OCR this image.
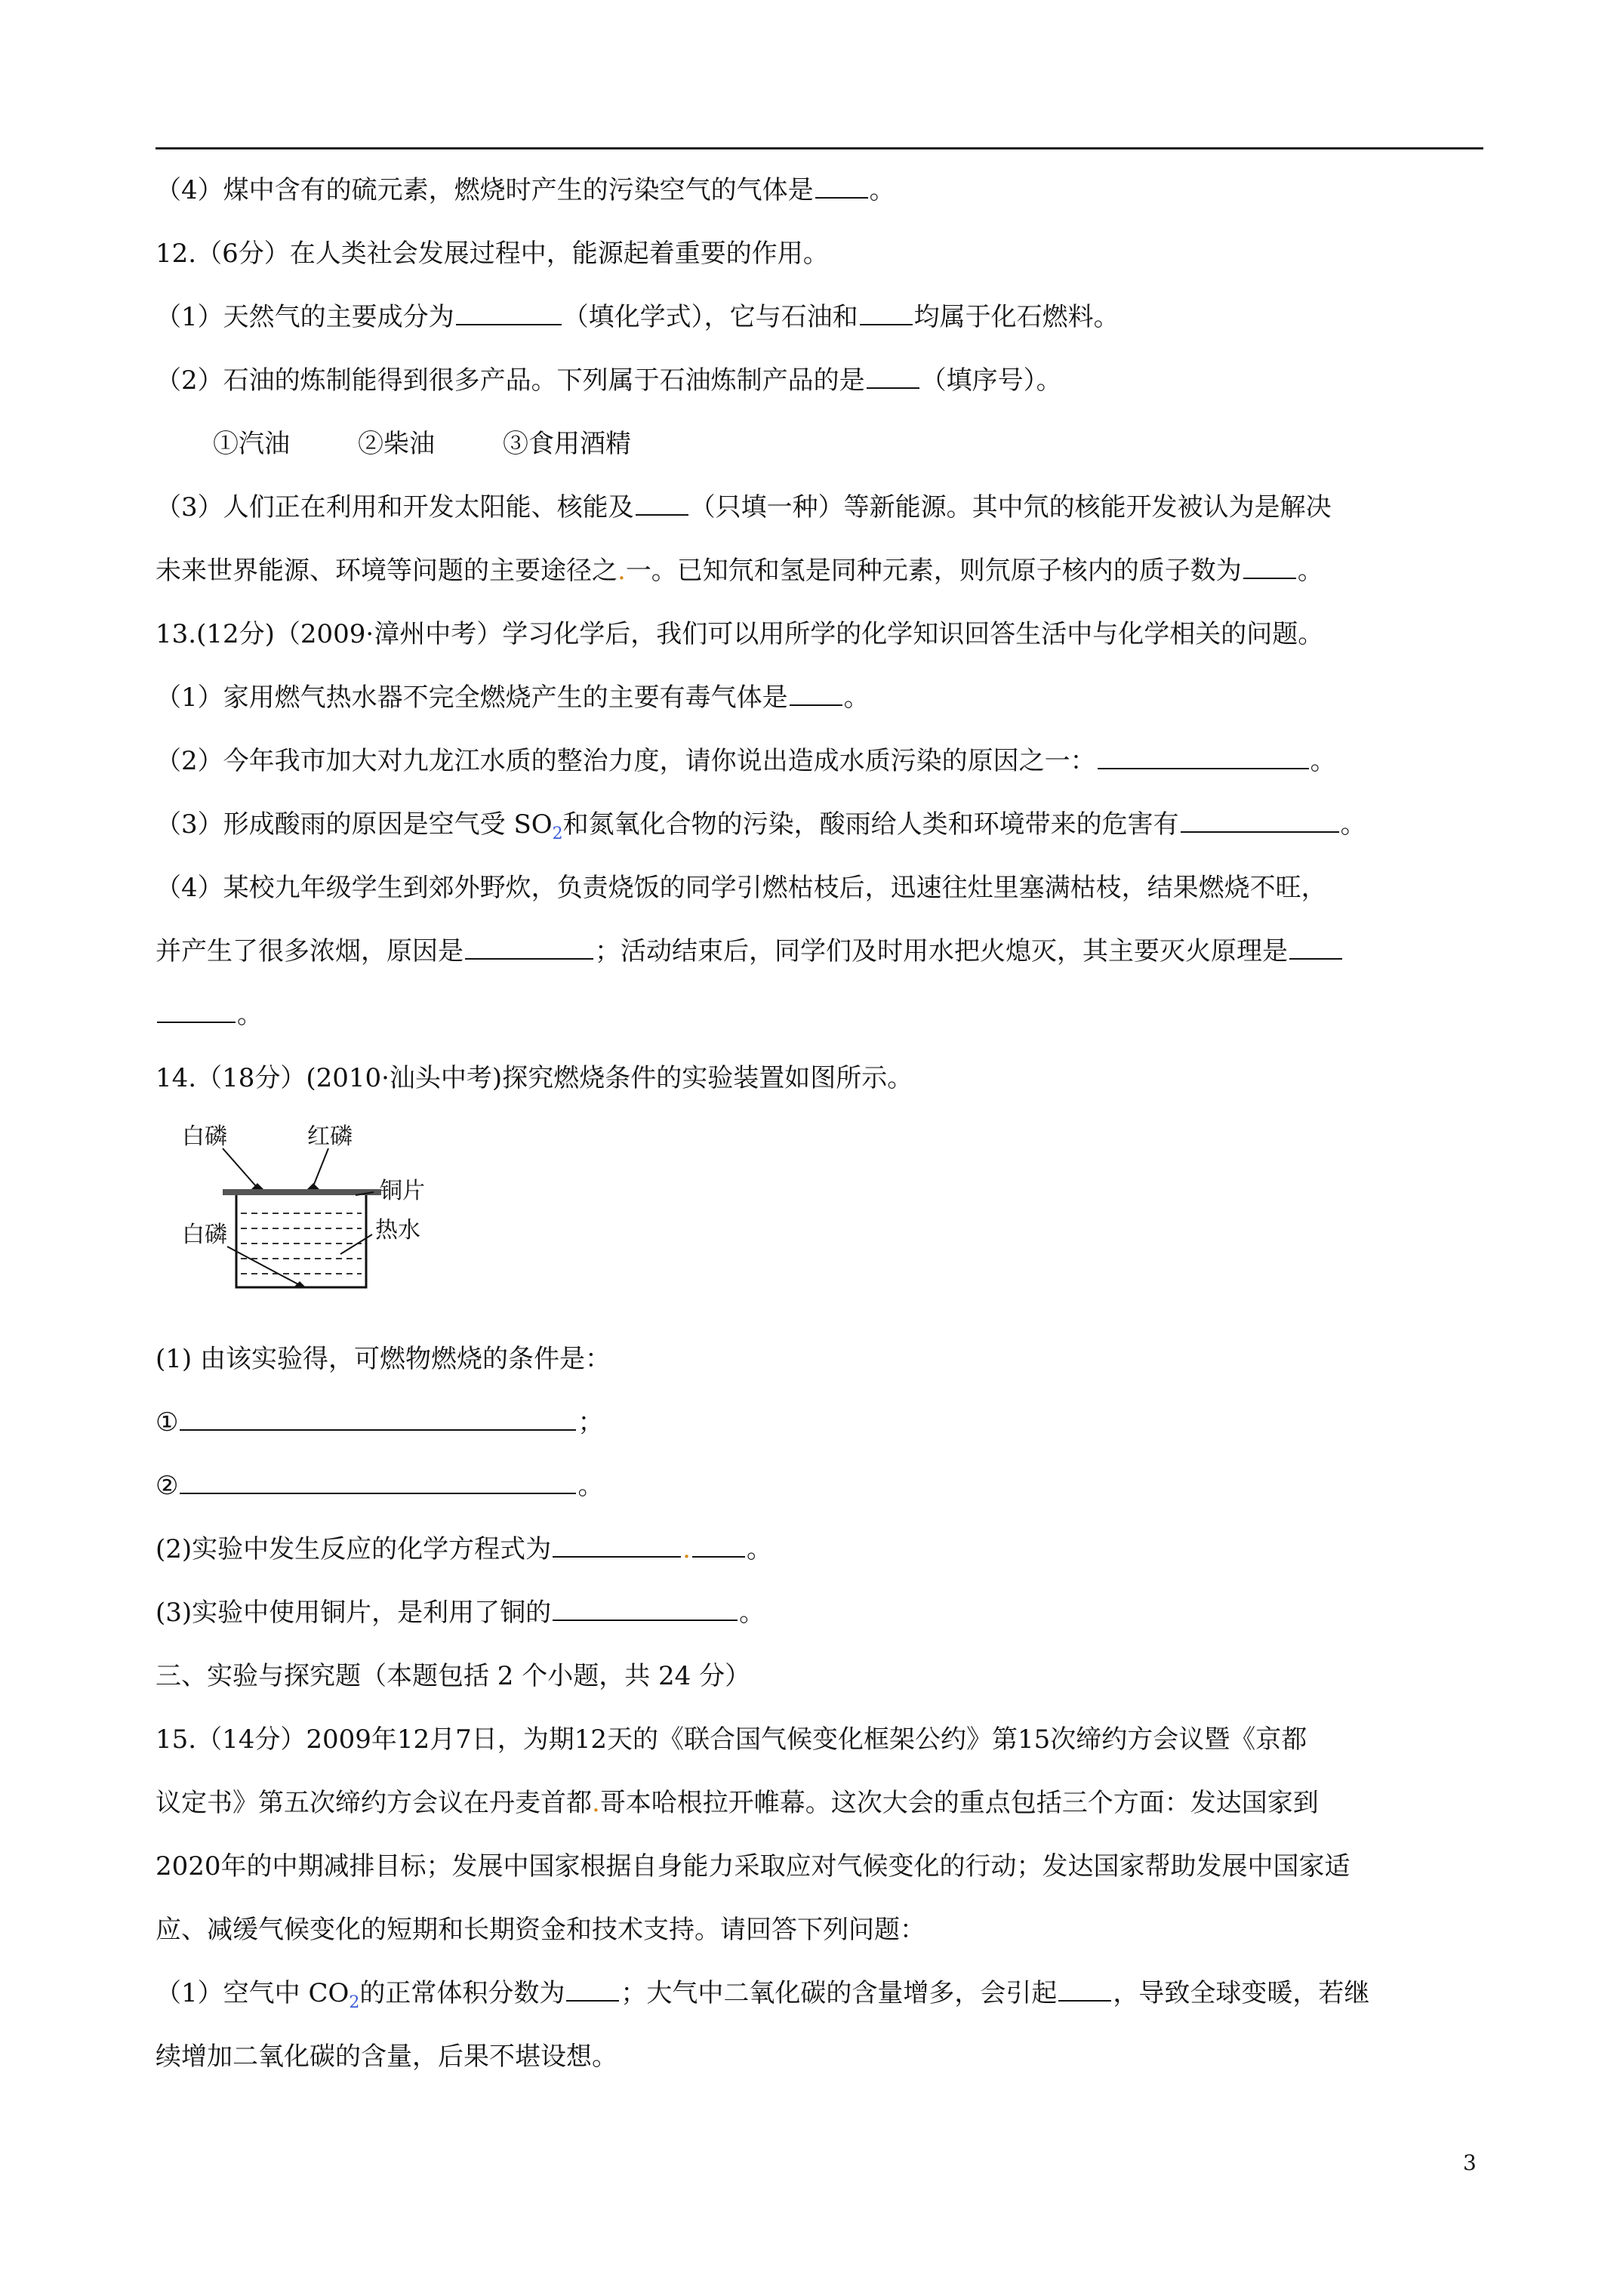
（4）煤中含有的硫元素，燃烧时产生的污染空气的气体是 。
12.（6分）在人类社会发展过程中，能源起着重要的作用。
（1）天然气的主要成分为	（填化学式），它与石油和 均属于化石燃料。
（2）石油的炼制能得到很多产品。下列属于石油炼制产品的是 （填序号）。
①汽油	②柴油	③食用酒精
（3）人们正在利用和开发太阳能、核能及 （只填一种）等新能源。其中氘的核能开发被认为是解决
未来世界能源、环境等问题的主要途径之.一。已知氘和氢是同种元素，则氘原子核内的质子数为 。
13.(12分)（2009·漳州中考）学习化学后，我们可以用所学的化学知识回答生活中与化学相关的问题。
（1）家用燃气热水器不完全燃烧产生的主要有毒气体是 。
（2）今年我市加大对九龙江水质的整治力度，请你说出造成水质污染的原因之一：	。
（3）形成酸雨的原因是空气受 $SO_2$和氮氧化合物的污染，酸雨给人类和环境带来的危害有	。
（4）某校九年级学生到郊外野炊，负责烧饭的同学引燃枯枝后，迅速往灶里塞满枯枝，结果燃烧不旺，
并产生了很多浓烟，原因是	；活动结束后，同学们及时用水把火熄灭，其主要灭火原理是
。
14.（18分）(2010·汕头中考)探究燃烧条件的实验装置如图所示。
白磷	红磷
铜片
白磷	热水
(1) 由该实验得，可燃物燃烧的条件是：
①	；
②	。
(2)实验中发生反应的化学方程式为	. 。
(3)实验中使用铜片，是利用了铜的	。
三、实验与探究题（本题包括 2 个小题，共 24 分）
15.（14分）2009年12月7日，为期12天的《联合国气候变化框架公约》第15次缔约方会议暨《京都
议定书》第五次缔约方会议在丹麦首都.哥本哈根拉开帷幕。这次大会的重点包括三个方面：发达国家到
2020年的中期减排目标；发展中国家根据自身能力采取应对气候变化的行动；发达国家帮助发展中国家适
应、减缓气候变化的短期和长期资金和技术支持。请回答下列问题：
（1）空气中 $CO_2$的正常体积分数为 ；大气中二氧化碳的含量增多，会引起 ，导致全球变暖，若继
续增加二氧化碳的含量，后果不堪设想。
3
